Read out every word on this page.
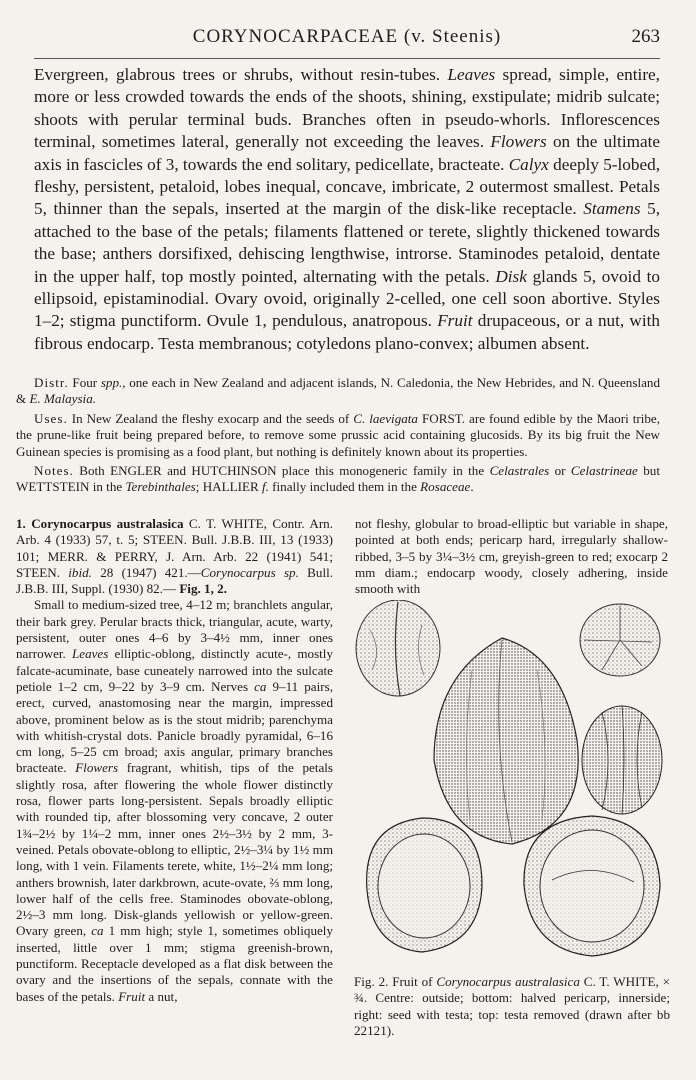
CORYNOCARPACEAE (v. Steenis)	263
Evergreen, glabrous trees or shrubs, without resin-tubes. Leaves spread, simple, entire, more or less crowded towards the ends of the shoots, shining, exstipulate; midrib sulcate; shoots with perular terminal buds. Branches often in pseudo-whorls. Inflorescences terminal, sometimes lateral, generally not exceeding the leaves. Flowers on the ultimate axis in fascicles of 3, towards the end solitary, pedicellate, bracteate. Calyx deeply 5-lobed, fleshy, persistent, petaloid, lobes inequal, concave, imbricate, 2 outermost smallest. Petals 5, thinner than the sepals, inserted at the margin of the disk-like receptacle. Stamens 5, attached to the base of the petals; filaments flattened or terete, slightly thickened towards the base; anthers dorsifixed, dehiscing lengthwise, introrse. Staminodes petaloid, dentate in the upper half, top mostly pointed, alternating with the petals. Disk glands 5, ovoid to ellipsoid, epistaminodial. Ovary ovoid, originally 2-celled, one cell soon abortive. Styles 1–2; stigma punctiform. Ovule 1, pendulous, anatropous. Fruit drupaceous, or a nut, with fibrous endocarp. Testa membranous; cotyledons plano-convex; albumen absent.

Distr. Four spp., one each in New Zealand and adjacent islands, N. Caledonia, the New Hebrides, and N. Queensland & E. Malaysia.

Uses. In New Zealand the fleshy exocarp and the seeds of C. laevigata FORST. are found edible by the Maori tribe, the prune-like fruit being prepared before, to remove some prussic acid containing glucosids. By its big fruit the New Guinean species is promising as a food plant, but nothing is definitely known about its properties.

Notes. Both ENGLER and HUTCHINSON place this monogeneric family in the Celastrales or Celastrineae but WETTSTEIN in the Terebinthales; HALLIER f. finally included them in the Rosaceae.

1. Corynocarpus australasica C. T. WHITE, Contr. Arn. Arb. 4 (1933) 57, t. 5; STEEN. Bull. J.B.B. III, 13 (1933) 101; MERR. & PERRY, J. Arn. Arb. 22 (1941) 541; STEEN. ibid. 28 (1947) 421.—Corynocarpus sp. Bull. J.B.B. III, Suppl. (1930) 82.— Fig. 1, 2.

Small to medium-sized tree, 4–12 m; branchlets angular, their bark grey. Perular bracts thick, triangular, acute, warty, persistent, outer ones 4–6 by 3–4½ mm, inner ones narrower. Leaves elliptic-oblong, distinctly acute-, mostly falcate-acuminate, base cuneately narrowed into the sulcate petiole 1–2 cm, 9–22 by 3–9 cm. Nerves ca 9–11 pairs, erect, curved, anastomosing near the margin, impressed above, prominent below as is the stout midrib; parenchyma with whitish-crystal dots. Panicle broadly pyramidal, 6–16 cm long, 5–25 cm broad; axis angular, primary branches bracteate. Flowers fragrant, whitish, tips of the petals slightly rosa, after flowering the whole flower distinctly rosa, flower parts long-persistent. Sepals broadly elliptic with rounded tip, after blossoming very concave, 2 outer 1¾–2½ by 1¼–2 mm, inner ones 2½–3½ by 2 mm, 3-veined. Petals obovate-oblong to elliptic, 2½–3¼ by 1½ mm long, with 1 vein. Filaments terete, white, 1½–2¼ mm long; anthers brownish, later darkbrown, acute-ovate, ⅔ mm long, lower half of the cells free. Staminodes obovate-oblong, 2½–3 mm long. Disk-glands yellowish or yellow-green. Ovary green, ca 1 mm high; style 1, sometimes obliquely inserted, little over 1 mm; stigma greenish-brown, punctiform. Receptacle developed as a flat disk between the ovary and the insertions of the sepals, connate with the bases of the petals. Fruit a nut,

not fleshy, globular to broad-elliptic but variable in shape, pointed at both ends; pericarp hard, irregularly shallow-ribbed, 3–5 by 3¼–3½ cm, greyish-green to red; exocarp 2 mm diam.; endocarp woody, closely adhering, inside smooth with

Fig. 2. Fruit of Corynocarpus australasica C. T. WHITE, × ¾. Centre: outside; bottom: halved pericarp, innerside; right: seed with testa; top: testa removed (drawn after bb 22121).
